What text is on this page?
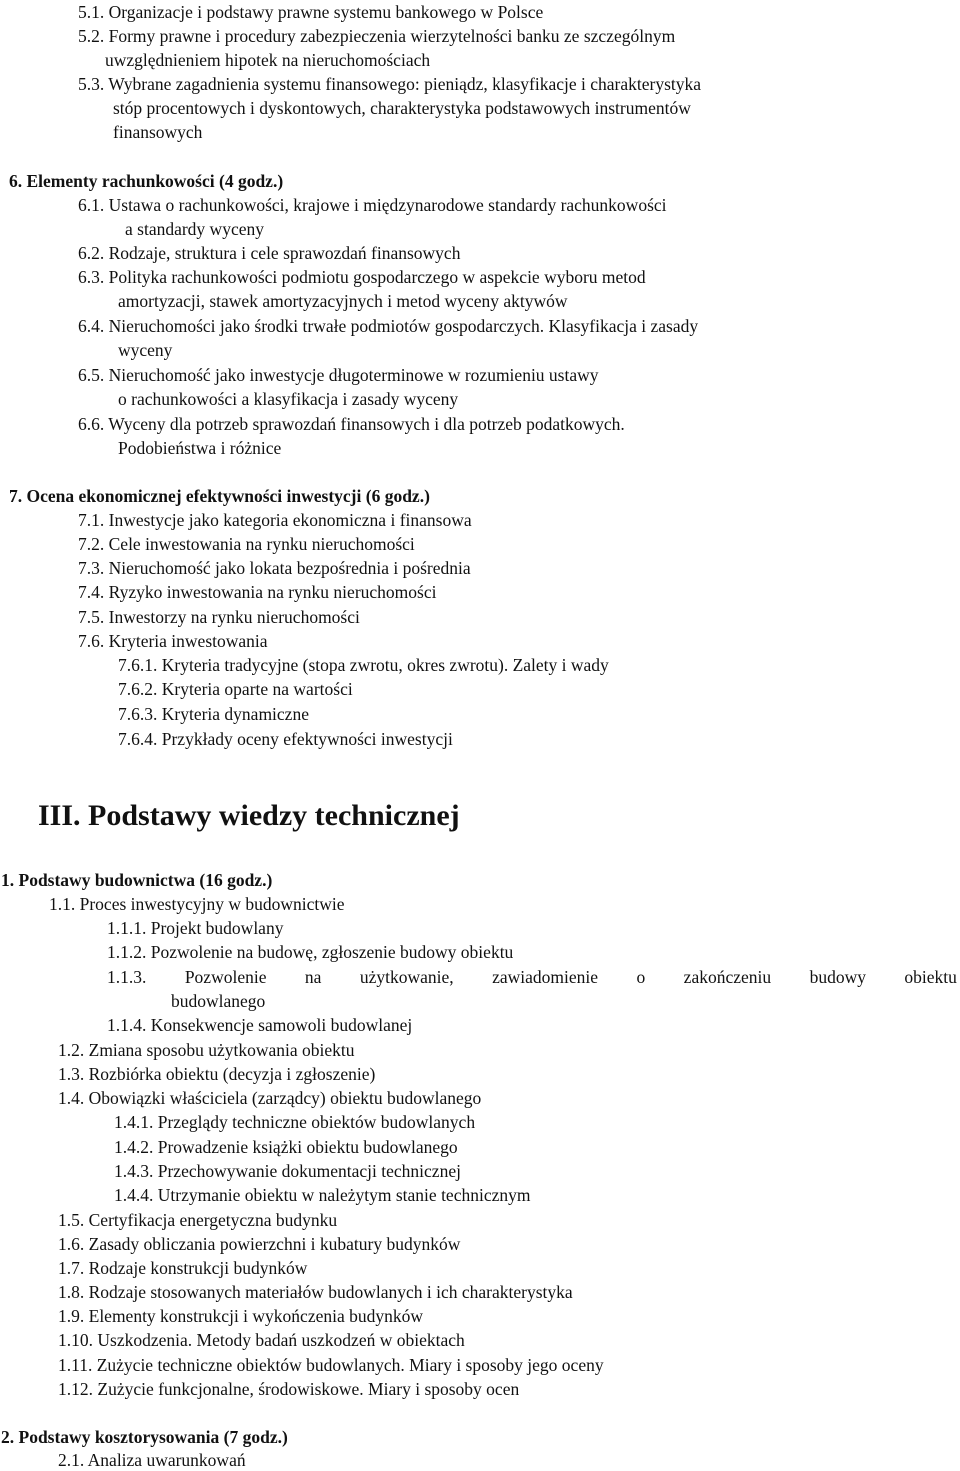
5.1. Organizacje i podstawy prawne systemu bankowego w Polsce
5.2. Formy prawne i procedury zabezpieczenia wierzytelności banku ze szczególnym
uwzględnieniem hipotek na nieruchomościach
5.3. Wybrane zagadnienia systemu finansowego: pieniądz, klasyfikacje i charakterystyka
stóp procentowych i dyskontowych, charakterystyka podstawowych instrumentów
finansowych
6. Elementy rachunkowości (4 godz.)
6.1. Ustawa o rachunkowości, krajowe i międzynarodowe standardy rachunkowości
a standardy wyceny
6.2. Rodzaje, struktura i cele sprawozdań finansowych
6.3. Polityka rachunkowości podmiotu gospodarczego w aspekcie wyboru metod
amortyzacji, stawek amortyzacyjnych i metod wyceny aktywów
6.4. Nieruchomości jako środki trwałe podmiotów gospodarczych. Klasyfikacja i zasady
wyceny
6.5. Nieruchomość jako inwestycje długoterminowe w rozumieniu ustawy
o rachunkowości a klasyfikacja i zasady wyceny
6.6. Wyceny dla potrzeb sprawozdań finansowych i dla potrzeb podatkowych.
Podobieństwa i różnice
7. Ocena ekonomicznej efektywności inwestycji (6 godz.)
7.1. Inwestycje jako kategoria ekonomiczna i finansowa
7.2. Cele inwestowania na rynku nieruchomości
7.3. Nieruchomość jako lokata bezpośrednia i pośrednia
7.4. Ryzyko inwestowania na rynku nieruchomości
7.5. Inwestorzy na rynku nieruchomości
7.6. Kryteria inwestowania
7.6.1. Kryteria tradycyjne (stopa zwrotu, okres zwrotu). Zalety i wady
7.6.2. Kryteria oparte na wartości
7.6.3. Kryteria dynamiczne
7.6.4. Przykłady oceny efektywności inwestycji
III. Podstawy wiedzy technicznej
1. Podstawy budownictwa (16 godz.)
1.1. Proces inwestycyjny w budownictwie
1.1.1. Projekt budowlany
1.1.2. Pozwolenie na budowę, zgłoszenie budowy obiektu
1.1.3. Pozwolenie na użytkowanie, zawiadomienie o zakończeniu budowy obiektu
budowlanego
1.1.4. Konsekwencje samowoli budowlanej
1.2. Zmiana sposobu użytkowania obiektu
1.3. Rozbiórka obiektu (decyzja i zgłoszenie)
1.4. Obowiązki właściciela (zarządcy) obiektu budowlanego
1.4.1. Przeglądy techniczne obiektów budowlanych
1.4.2. Prowadzenie książki obiektu budowlanego
1.4.3. Przechowywanie dokumentacji technicznej
1.4.4. Utrzymanie obiektu w należytym stanie technicznym
1.5. Certyfikacja energetyczna budynku
1.6. Zasady obliczania powierzchni i kubatury budynków
1.7. Rodzaje konstrukcji budynków
1.8. Rodzaje stosowanych materiałów budowlanych i ich charakterystyka
1.9. Elementy konstrukcji i wykończenia budynków
1.10. Uszkodzenia. Metody badań uszkodzeń w obiektach
1.11. Zużycie techniczne obiektów budowlanych. Miary i sposoby jego oceny
1.12. Zużycie funkcjonalne, środowiskowe. Miary i sposoby ocen
2. Podstawy kosztorysowania (7 godz.)
2.1. Analiza uwarunkowań
